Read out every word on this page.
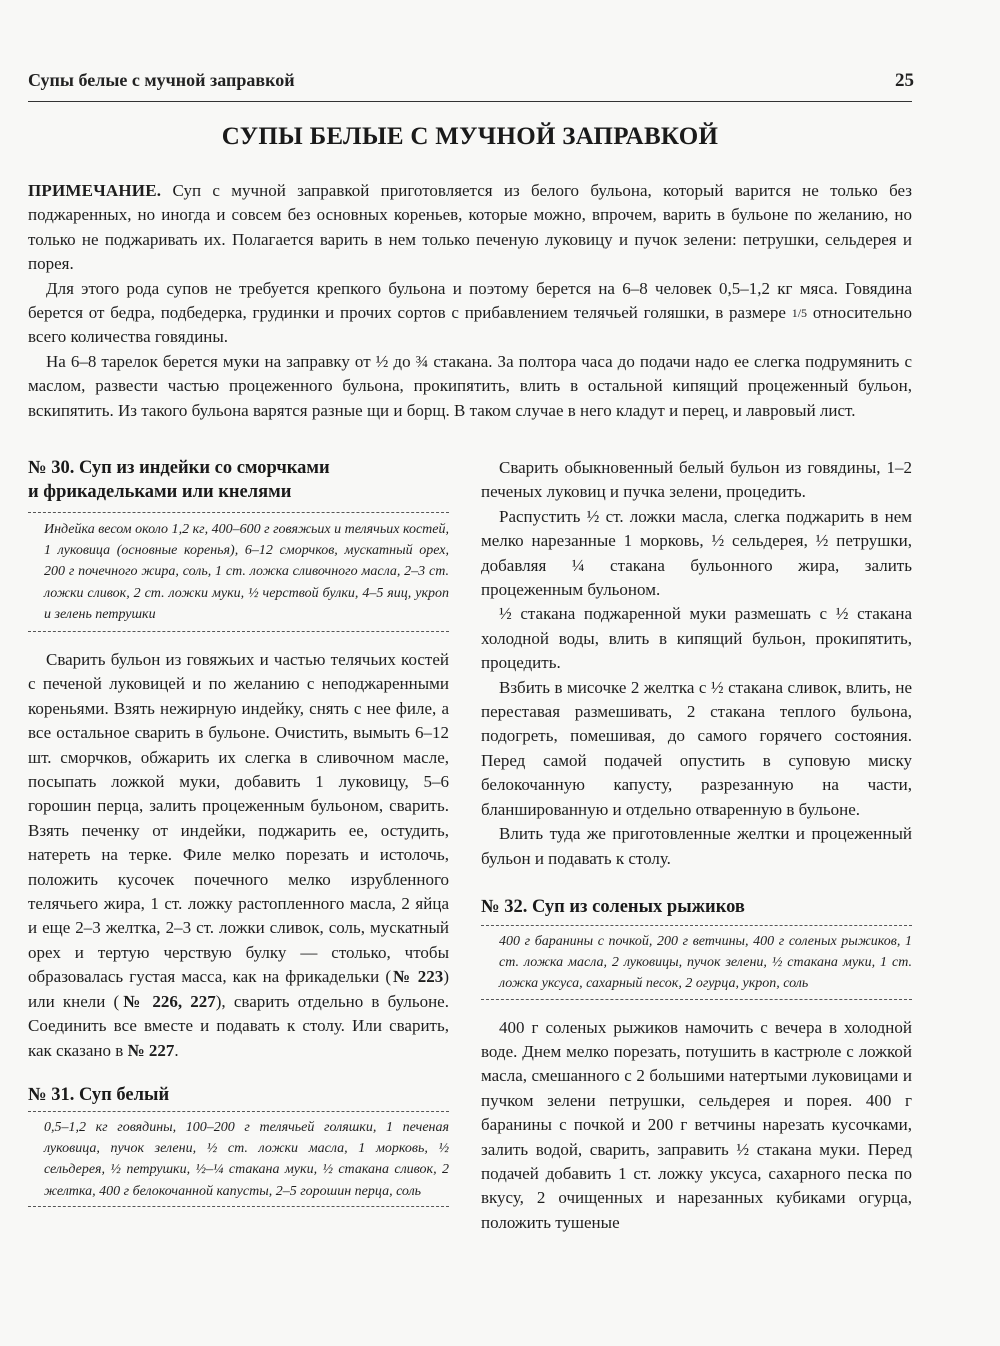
Супы белые с мучной заправкой	25
СУПЫ БЕЛЫЕ С МУЧНОЙ ЗАПРАВКОЙ

ПРИМЕЧАНИЕ. Суп с мучной заправкой приготовляется из белого бульона, который варится не только без поджаренных, но иногда и совсем без основных кореньев, которые можно, впрочем, варить в бульоне по желанию, но только не поджаривать их. Полагается варить в нем только печеную луковицу и пучок зелени: петрушки, сельдерея и порея.

Для этого рода супов не требуется крепкого бульона и поэтому берется на 6–8 человек 0,5–1,2 кг мяса. Говядина берется от бедра, подбедерка, грудинки и прочих сортов с прибавлением телячьей голяшки, в размере 1/5 относительно всего количества говядины.

На 6–8 тарелок берется муки на заправку от ½ до ¾ стакана. За полтора часа до подачи надо ее слегка подрумянить с маслом, развести частью процеженного бульона, прокипятить, влить в остальной кипящий процеженный бульон, вскипятить. Из такого бульона варятся разные щи и борщ. В таком случае в него кладут и перец, и лавровый лист.

№ 30. Суп из индейки со сморчками
и фрикадельками или кнелями
Индейка весом около 1,2 кг, 400–600 г говяжьих и телячьих костей, 1 луковица (основные коренья), 6–12 сморчков, мускатный орех, 200 г почечного жира, соль, 1 ст. ложка сливочного масла, 2–3 ст. ложки сливок, 2 ст. ложки муки, ½ черствой булки, 4–5 яиц, укроп и зелень петрушки

Сварить бульон из говяжьих и частью телячьих костей с печеной луковицей и по желанию с неподжаренными кореньями. Взять нежирную индейку, снять с нее филе, а все остальное сварить в бульоне. Очистить, вымыть 6–12 шт. сморчков, обжарить их слегка в сливочном масле, посыпать ложкой муки, добавить 1 луковицу, 5–6 горошин перца, залить процеженным бульоном, сварить. Взять печенку от индейки, поджарить ее, остудить, натереть на терке. Филе мелко порезать и истолочь, положить кусочек почечного мелко изрубленного телячьего жира, 1 ст. ложку растопленного масла, 2 яйца и еще 2–3 желтка, 2–3 ст. ложки сливок, соль, мускатный орех и тертую черствую булку — столько, чтобы образовалась густая масса, как на фрикадельки (№ 223) или кнели (№ 226, 227), сварить отдельно в бульоне. Соединить все вместе и подавать к столу. Или сварить, как сказано в № 227.

№ 31. Суп белый
0,5–1,2 кг говядины, 100–200 г телячьей голяшки, 1 печеная луковица, пучок зелени, ½ ст. ложки масла, 1 морковь, ½ сельдерея, ½ петрушки, ½–¼ стакана муки, ½ стакана сливок, 2 желтка, 400 г белокочанной капусты, 2–5 горошин перца, соль

Сварить обыкновенный белый бульон из говядины, 1–2 печеных луковиц и пучка зелени, процедить.

Распустить ½ ст. ложки масла, слегка поджарить в нем мелко нарезанные 1 морковь, ½ сельдерея, ½ петрушки, добавляя ¼ стакана бульонного жира, залить процеженным бульоном.

½ стакана поджаренной муки размешать с ½ стакана холодной воды, влить в кипящий бульон, прокипятить, процедить.

Взбить в мисочке 2 желтка с ½ стакана сливок, влить, не переставая размешивать, 2 стакана теплого бульона, подогреть, помешивая, до самого горячего состояния. Перед самой подачей опустить в суповую миску белокочанную капусту, разрезанную на части, бланшированную и отдельно отваренную в бульоне.

Влить туда же приготовленные желтки и процеженный бульон и подавать к столу.

№ 32. Суп из соленых рыжиков
400 г баранины с почкой, 200 г ветчины, 400 г соленых рыжиков, 1 ст. ложка масла, 2 луковицы, пучок зелени, ½ стакана муки, 1 ст. ложка уксуса, сахарный песок, 2 огурца, укроп, соль

400 г соленых рыжиков намочить с вечера в холодной воде. Днем мелко порезать, потушить в кастрюле с ложкой масла, смешанного с 2 большими натертыми луковицами и пучком зелени петрушки, сельдерея и порея. 400 г баранины с почкой и 200 г ветчины нарезать кусочками, залить водой, сварить, заправить ½ стакана муки. Перед подачей добавить 1 ст. ложку уксуса, сахарного песка по вкусу, 2 очищенных и нарезанных кубиками огурца, положить тушеные
